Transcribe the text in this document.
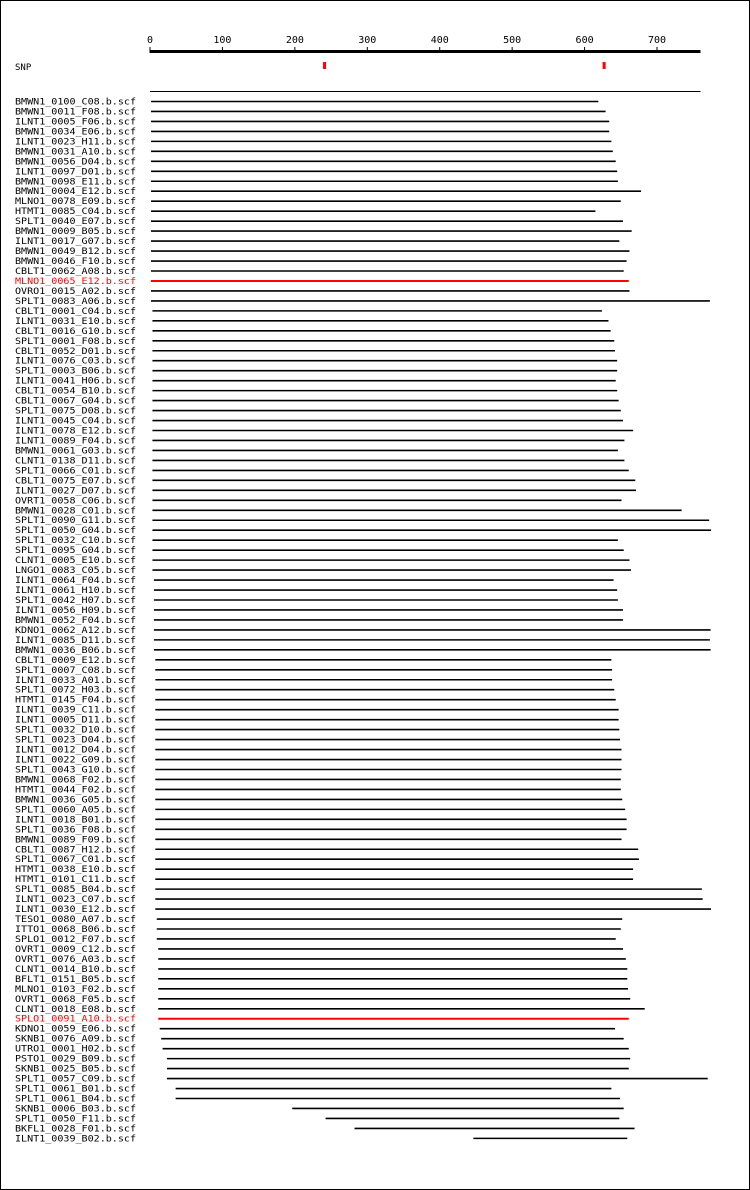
0	100	200	300	400	500	600	700
SNP
BMWN1_0100_C08.b.scf
BMWN1_0011_F08.b.scf
ILNT1_0005_F06.b.scf
BMWN1_0034_E06.b.scf
ILNT1_0023_H11.b.scf
BMWN1_0031_A10.b.scf
BMWN1_0056_D04.b.scf
ILNT1_0097_D01.b.scf
BMWN1_0098_E11.b.scf
BMWN1_0004_E12.b.scf
MLNO1_0078_E09.b.scf
HTMT1_0085_C04.b.scf
SPLT1_0040_E07.b.scf
BMWN1_0009_B05.b.scf
ILNT1_0017_G07.b.scf
BMWN1_0049_B12.b.scf
BMWN1_0046_F10.b.scf
CBLT1_0062_A08.b.scf
MLNO1_0065_E12.b.scf
OVRO1_0015_A02.b.scf
SPLT1_0083_A06.b.scf
CBLT1_0001_C04.b.scf
ILNT1_0031_E10.b.scf
CBLT1_0016_G10.b.scf
SPLT1_0001_F08.b.scf
CBLT1_0052_D01.b.scf
ILNT1_0076_C03.b.scf
SPLT1_0003_B06.b.scf
ILNT1_0041_H06.b.scf
CBLT1_0054_B10.b.scf
CBLT1_0067_G04.b.scf
SPLT1_0075_D08.b.scf
ILNT1_0045_C04.b.scf
ILNT1_0078_E12.b.scf
ILNT1_0089_F04.b.scf
BMWN1_0061_G03.b.scf
CLNT1_0138_D11.b.scf
SPLT1_0066_C01.b.scf
CBLT1_0075_E07.b.scf
ILNT1_0027_D07.b.scf
OVRT1_0058_C06.b.scf
BMWN1_0028_C01.b.scf
SPLT1_0090_G11.b.scf
SPLT1_0050_G04.b.scf
SPLT1_0032_C10.b.scf
SPLT1_0095_G04.b.scf
CLNT1_0005_E10.b.scf
LNGO1_0083_C05.b.scf
ILNT1_0064_F04.b.scf
ILNT1_0061_H10.b.scf
SPLT1_0042_H07.b.scf
ILNT1_0056_H09.b.scf
BMWN1_0052_F04.b.scf
KDNO1_0062_A12.b.scf
ILNT1_0085_D11.b.scf
BMWN1_0036_B06.b.scf
CBLT1_0009_E12.b.scf
SPLT1_0007_C08.b.scf
ILNT1_0033_A01.b.scf
SPLT1_0072_H03.b.scf
HTMT1_0145_F04.b.scf
ILNT1_0039_C11.b.scf
ILNT1_0005_D11.b.scf
SPLT1_0032_D10.b.scf
SPLT1_0023_D04.b.scf
ILNT1_0012_D04.b.scf
ILNT1_0022_G09.b.scf
SPLT1_0043_G10.b.scf
BMWN1_0068_F02.b.scf
HTMT1_0044_F02.b.scf
BMWN1_0036_G05.b.scf
SPLT1_0060_A05.b.scf
ILNT1_0018_B01.b.scf
SPLT1_0036_F08.b.scf
BMWN1_0089_F09.b.scf
CBLT1_0087_H12.b.scf
SPLT1_0067_C01.b.scf
HTMT1_0038_E10.b.scf
HTMT1_0101_C11.b.scf
SPLT1_0085_B04.b.scf
ILNT1_0023_C07.b.scf
ILNT1_0030_E12.b.scf
TESO1_0080_A07.b.scf
ITTO1_0068_B06.b.scf
SPLO1_0012_F07.b.scf
OVRT1_0009_C12.b.scf
OVRT1_0076_A03.b.scf
CLNT1_0014_B10.b.scf
BFLT1_0151_B05.b.scf
MLNO1_0103_F02.b.scf
OVRT1_0068_F05.b.scf
CLNT1_0018_E08.b.scf
SPLO1_0091_A10.b.scf
KDNO1_0059_E06.b.scf
SKNB1_0076_A09.b.scf
UTRO1_0001_H02.b.scf
PSTO1_0029_B09.b.scf
SKNB1_0025_B05.b.scf
SPLT1_0057_C09.b.scf
SPLT1_0061_B01.b.scf
SPLT1_0061_B04.b.scf
SKNB1_0006_B03.b.scf
SPLT1_0050_F11.b.scf
BKFL1_0028_F01.b.scf
ILNT1_0039_B02.b.scf
